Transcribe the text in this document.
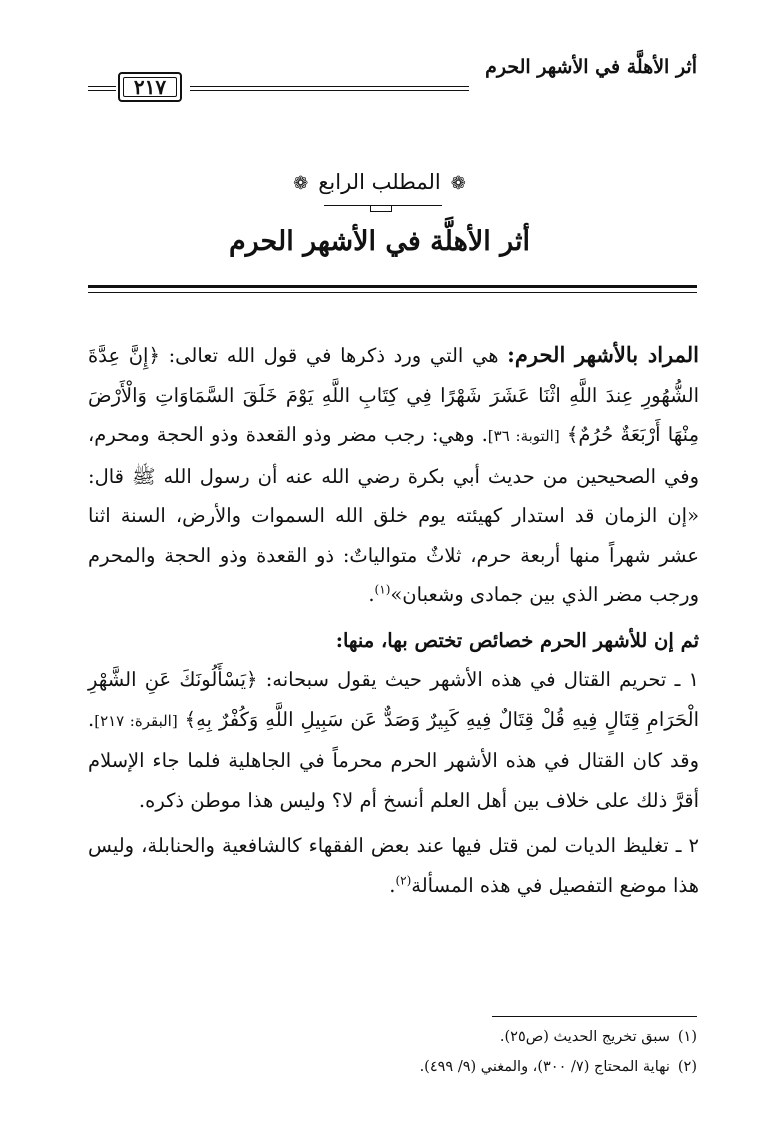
أثر الأهلَّة في الأشهر الحرم
٢١٧
❁المطلب الرابع❁
أثر الأهلَّة في الأشهر الحرم

المراد بالأشهر الحرم: هي التي ورد ذكرها في قول الله تعالى: ﴿إِنَّ عِدَّةَ الشُّهُورِ عِندَ اللَّهِ اثْنَا عَشَرَ شَهْرًا فِي كِتَابِ اللَّهِ يَوْمَ خَلَقَ السَّمَاوَاتِ وَالْأَرْضَ مِنْهَا أَرْبَعَةٌ حُرُمٌ﴾ [التوبة: ٣٦]. وهي: رجب مضر وذو القعدة وذو الحجة ومحرم، وفي الصحيحين من حديث أبي بكرة رضي الله عنه أن رسول الله ﷺ قال: «إن الزمان قد استدار كهيئته يوم خلق الله السموات والأرض، السنة اثنا عشر شهراً منها أربعة حرم، ثلاثٌ متوالياتٌ: ذو القعدة وذو الحجة والمحرم ورجب مضر الذي بين جمادى وشعبان»$^{(١)}$.

ثم إن للأشهر الحرم خصائص تختص بها، منها:

١ ـ تحريم القتال في هذه الأشهر حيث يقول سبحانه: ﴿يَسْأَلُونَكَ عَنِ الشَّهْرِ الْحَرَامِ قِتَالٍ فِيهِ قُلْ قِتَالٌ فِيهِ كَبِيرٌ وَصَدٌّ عَن سَبِيلِ اللَّهِ وَكُفْرٌ بِهِ﴾ [البقرة: ٢١٧]. وقد كان القتال في هذه الأشهر الحرم محرماً في الجاهلية فلما جاء الإسلام أقرَّ ذلك على خلاف بين أهل العلم أنسخ أم لا؟ وليس هذا موطن ذكره.

٢ ـ تغليظ الديات لمن قتل فيها عند بعض الفقهاء كالشافعية والحنابلة، وليس هذا موضع التفصيل في هذه المسألة$^{(٢)}$.

(١)سبق تخريج الحديث (ص٢٥).
(٢)نهاية المحتاج (٧/ ٣٠٠)، والمغني (٩/ ٤٩٩).
